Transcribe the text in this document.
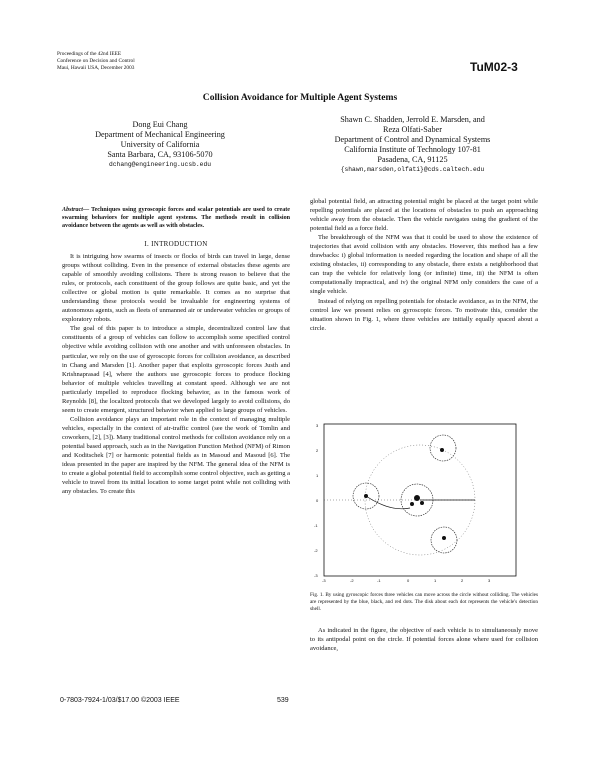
Proceedings of the 42nd IEEE
Conference on Decision and Control
Maui, Hawaii USA, December 2003	TuM02-3
Collision Avoidance for Multiple Agent Systems
Dong Eui Chang
Department of Mechanical Engineering
University of California
Santa Barbara, CA, 93106-5070
dchang@engineering.ucsb.edu
Shawn C. Shadden, Jerrold E. Marsden, and
Reza Olfati-Saber
Department of Control and Dynamical Systems
California Institute of Technology 107-81
Pasadena, CA, 91125
{shawn,marsden,olfati}@cds.caltech.edu
Abstract— Techniques using gyroscopic forces and scalar potentials are used to create swarming behaviors for multiple agent systems. The methods result in collision avoidance between the agents as well as with obstacles.
I. INTRODUCTION

It is intriguing how swarms of insects or flocks of birds can travel in large, dense groups without colliding. Even in the presence of external obstacles these agents are capable of smoothly avoiding collisions. There is strong reason to believe that the rules, or protocols, each constituent of the group follows are quite basic, and yet the collective or global motion is quite remarkable. It comes as no surprise that understanding these protocols would be invaluable for engineering systems of autonomous agents, such as fleets of unmanned air or underwater vehicles or groups of exploratory robots.

The goal of this paper is to introduce a simple, decentralized control law that constituents of a group of vehicles can follow to accomplish some specified control objective while avoiding collision with one another and with unforeseen obstacles. In particular, we rely on the use of gyroscopic forces for collision avoidance, as described in Chang and Marsden [1]. Another paper that exploits gyroscopic forces Justh and Krishnaprasad [4], where the authors use gyroscopic forces to produce flocking behavior of multiple vehicles travelling at constant speed. Although we are not particularly impelled to reproduce flocking behavior, as in the famous work of Reynolds [8], the localized protocols that we developed largely to avoid collisions, do seem to create emergent, structured behavior when applied to large groups of vehicles.

Collision avoidance plays an important role in the context of managing multiple vehicles, especially in the context of air-traffic control (see the work of Tomlin and coworkers, [2], [3]). Many traditional control methods for collision avoidance rely on a potential based approach, such as in the Navigation Function Method (NFM) of Rimon and Koditschek [7] or harmonic potential fields as in Masoud and Masoud [6]. The ideas presented in the paper are inspired by the NFM. The general idea of the NFM is to create a global potential field to accomplish some control objective, such as getting a vehicle to travel from its initial location to some target point while not colliding with any obstacles. To create this

global potential field, an attracting potential might be placed at the target point while repelling potentials are placed at the locations of obstacles to push an approaching vehicle away from the obstacle. Then the vehicle navigates using the gradient of the potential field as a force field.

The breakthrough of the NFM was that it could be used to show the existence of trajectories that avoid collision with any obstacles. However, this method has a few drawbacks: i) global information is needed regarding the location and shape of all the existing obstacles, ii) corresponding to any obstacle, there exists a neighborhood that can trap the vehicle for relatively long (or infinite) time, iii) the NFM is often computationally impractical, and iv) the original NFM only considers the case of a single vehicle.

Instead of relying on repelling potentials for obstacle avoidance, as in the NFM, the control law we present relies on gyroscopic forces. To motivate this, consider the situation shown in Fig. 1, where three vehicles are initially equally spaced about a circle.

3
2
1
0
-1
-2
-3
-3	-2	-1	0	1	2	3
Fig. 1. By using gyroscopic forces three vehicles can move across the circle without colliding. The vehicles are represented by the blue, black, and red dots. The disk about each dot represents the vehicle's detection shell.

As indicated in the figure, the objective of each vehicle is to simultaneously move to its antipodal point on the circle. If potential forces alone where used for collision avoidance,

0-7803-7924-1/03/$17.00 ©2003 IEEE	539
